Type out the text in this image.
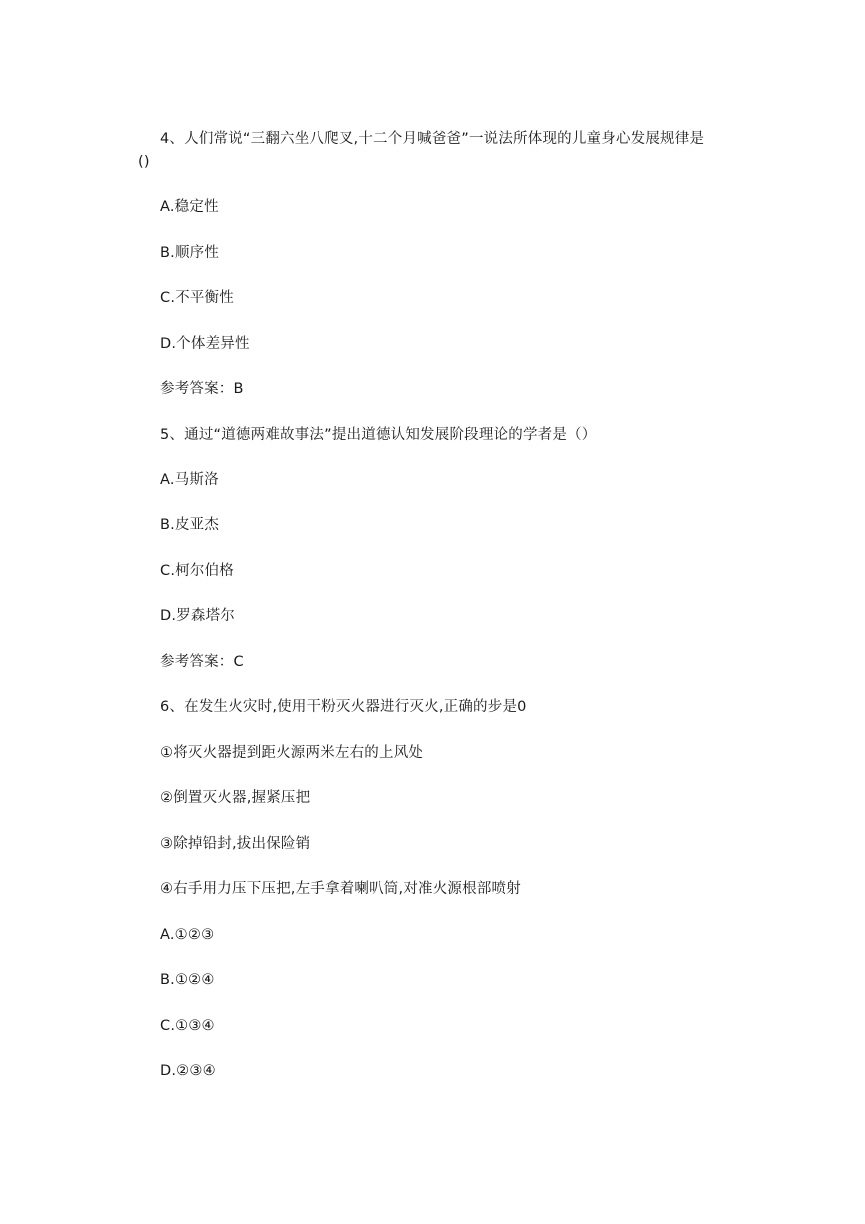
4、人们常说“三翻六坐八爬叉,十二个月喊爸爸”一说法所体现的儿童身心发展规律是
()
A.稳定性
B.顺序性
C.不平衡性
D.个体差异性
参考答案：B
5、通过“道德两难故事法”提出道德认知发展阶段理论的学者是（）
A.马斯洛
B.皮亚杰
C.柯尔伯格
D.罗森塔尔
参考答案：C
6、在发生火灾时,使用干粉灭火器进行灭火,正确的步是0
①将灭火器提到距火源两米左右的上风处
②倒置灭火器,握紧压把
③除掉铅封,拔出保险销
④右手用力压下压把,左手拿着喇叭筒,对准火源根部喷射
A.①②③
B.①②④
C.①③④
D.②③④
